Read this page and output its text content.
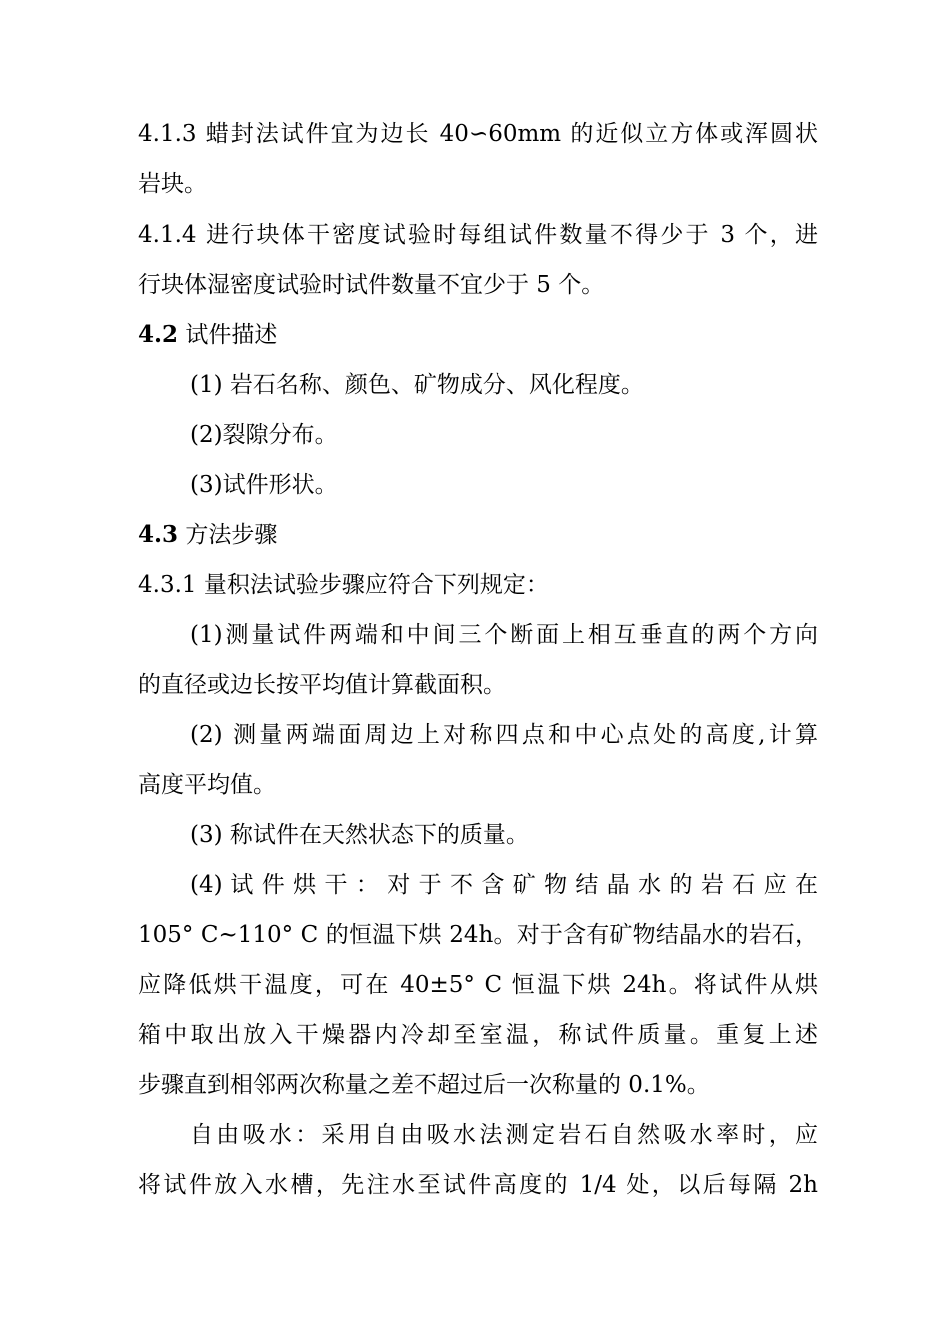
4.1.3 蜡封法试件宜为边长 40∽60mm 的近似立方体或浑圆状
岩块。
4.1.4 进行块体干密度试验时每组试件数量不得少于 3 个，进
行块体湿密度试验时试件数量不宜少于 5 个。
4.2 试件描述
(1) 岩石名称、颜色、矿物成分、风化程度。
(2)裂隙分布。
(3)试件形状。
4.3 方法步骤
4.3.1 量积法试验步骤应符合下列规定：
(1)测量试件两端和中间三个断面上相互垂直的两个方向
的直径或边长按平均值计算截面积。
(2) 测量两端面周边上对称四点和中心点处的高度,计算
高度平均值。
(3) 称试件在天然状态下的质量。
(4) 试 件 烘 干 ： 对 于 不 含 矿 物 结 晶 水 的 岩 石 应 在
105° C~110° C 的恒温下烘 24h。对于含有矿物结晶水的岩石，
应降低烘干温度，可在 40±5° C 恒温下烘 24h。将试件从烘
箱中取出放入干燥器内冷却至室温，称试件质量。重复上述
步骤直到相邻两次称量之差不超过后一次称量的 0.1%。
自由吸水：采用自由吸水法测定岩石自然吸水率时，应
将试件放入水槽，先注水至试件高度的 1/4 处，以后每隔 2h
